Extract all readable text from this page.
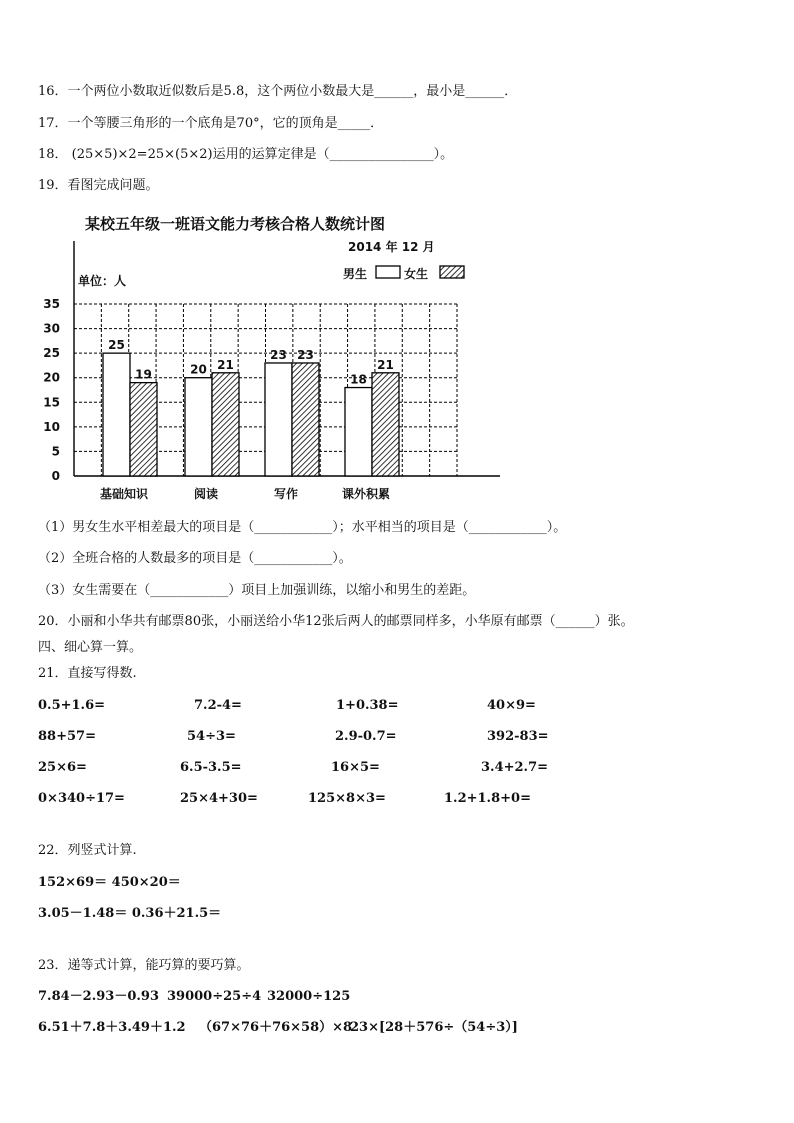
16．一个两位小数取近似数后是5.8，这个两位小数最大是______，最小是______．
17．一个等腰三角形的一个底角是70°，它的顶角是_____．
18． (25×5)×2=25×(5×2)运用的运算定律是（________________）。
19．看图完成问题。
某校五年级一班语文能力考核合格人数统计图
2014 年 12 月
单位：人	男生	女生
0
5
10
15
20
25
30
35
25
19	20 21
23 23
18
21
基础知识	阅读	写作	课外积累
（1）男女生水平相差最大的项目是（____________）；水平相当的项目是（____________）。
（2）全班合格的人数最多的项目是（____________）。
（3）女生需要在（____________）项目上加强训练，以缩小和男生的差距。
20．小丽和小华共有邮票80张，小丽送给小华12张后两人的邮票同样多，小华原有邮票（______）张。
四、细心算一算。
21．直接写得数.
0.5+1.6=	7.2-4=	1+0.38=	40×9=
88+57=	54÷3=	2.9-0.7=	392-83=
25×6=	6.5-3.5=	16×5=	3.4+2.7=
0×340÷17=	25×4+30=	125×8×3=	1.2+1.8+0=
22．列竖式计算.
152×69＝ 450×20＝
3.05－1.48＝ 0.36＋21.5＝
23．递等式计算，能巧算的要巧算。
7.84－2.93－0.93 39000÷25÷4 32000÷125
6.51＋7.8＋3.49＋1.2 （67×76＋76×58）×8
23×[28＋576÷（54÷3）]
